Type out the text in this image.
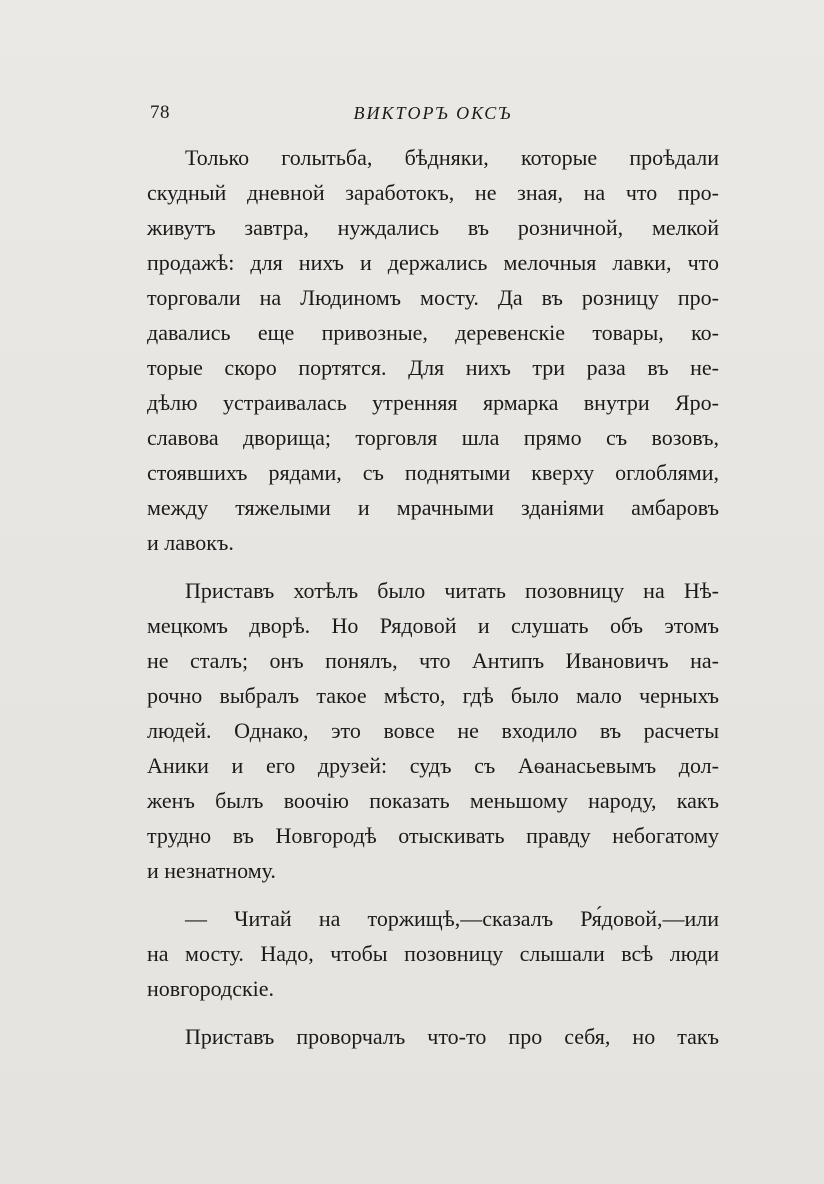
78	ВИКТОРЪ ОКСЪ
Только голытьба, бѣдняки, которые проѣдали
скудный дневной заработокъ, не зная, на что про-
живутъ завтра, нуждались въ розничной, мелкой
продажѣ: для нихъ и держались мелочныя лавки, что
торговали на Людиномъ мосту. Да въ розницу про-
давались еще привозные, деревенскіе товары, ко-
торые скоро портятся. Для нихъ три раза въ не-
дѣлю устраивалась утренняя ярмарка внутри Яро-
славова дворища; торговля шла прямо съ возовъ,
стоявшихъ рядами, съ поднятыми кверху оглоблями,
между тяжелыми и мрачными зданіями амбаровъ
и лавокъ.
Приставъ хотѣлъ было читать позовницу на Нѣ-
мецкомъ дворѣ. Но Рядовой и слушать объ этомъ
не сталъ; онъ понялъ, что Антипъ Ивановичъ на-
рочно выбралъ такое мѣсто, гдѣ было мало черныхъ
людей. Однако, это вовсе не входило въ расчеты
Аники и его друзей: судъ съ Аѳанасьевымъ дол-
женъ былъ воочію показать меньшому народу, какъ
трудно въ Новгородѣ отыскивать правду небогатому
и незнатному.
— Читай на торжищѣ,—сказалъ Ря́довой,—или
на мосту. Надо, чтобы позовницу слышали всѣ люди
новгородскіе.
Приставъ проворчалъ что-то про себя, но такъ
